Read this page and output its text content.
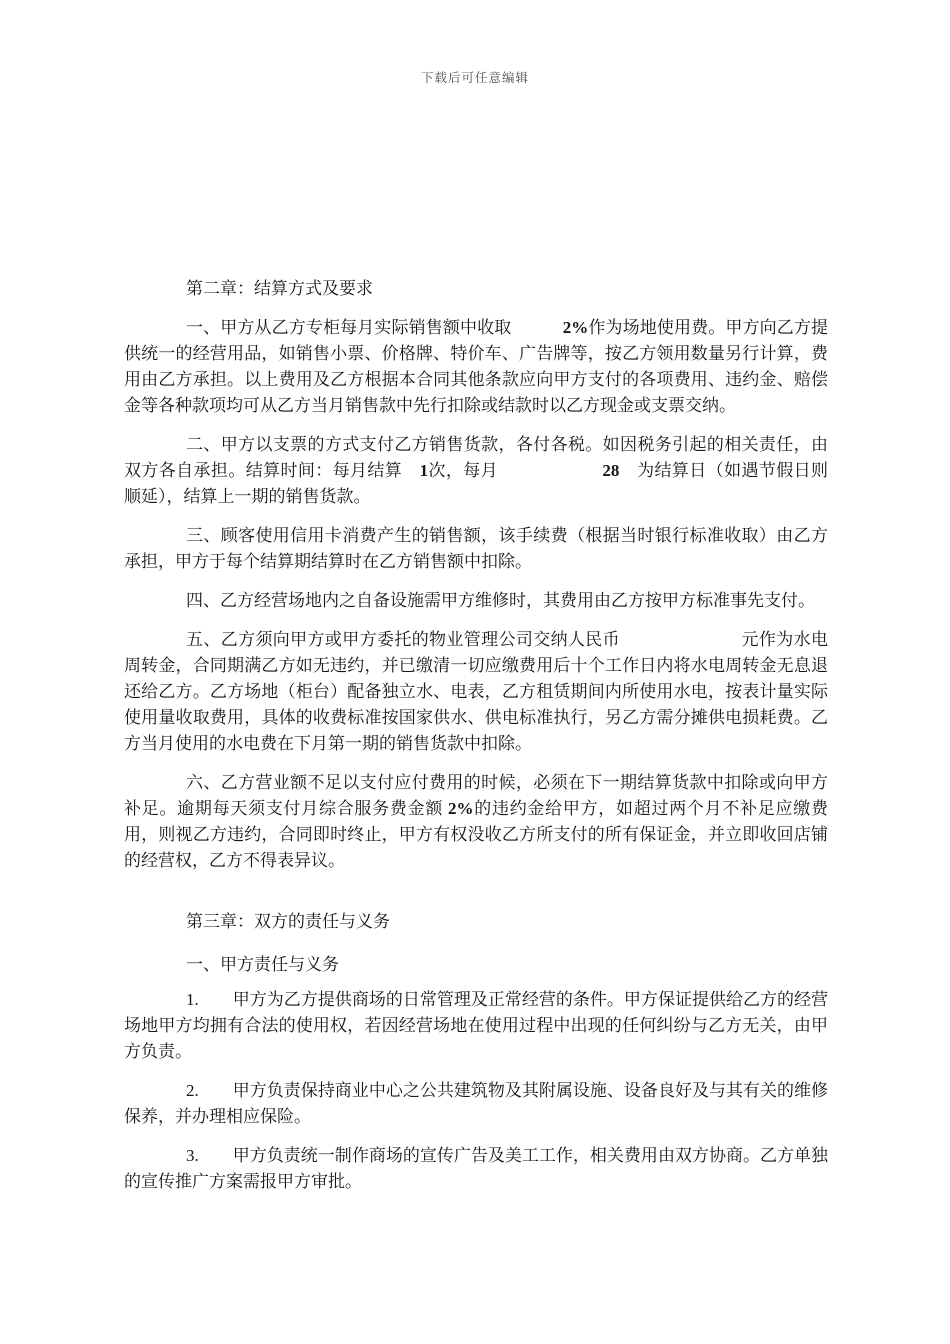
下载后可任意编辑

第二章：结算方式及要求

一、甲方从乙方专柜每月实际销售额中收取　　　2%作为场地使用费。甲方向乙方提供统一的经营用品，如销售小票、价格牌、特价车、广告牌等，按乙方领用数量另行计算，费用由乙方承担。以上费用及乙方根据本合同其他条款应向甲方支付的各项费用、违约金、赔偿金等各种款项均可从乙方当月销售款中先行扣除或结款时以乙方现金或支票交纳。

二、甲方以支票的方式支付乙方销售货款，各付各税。如因税务引起的相关责任，由双方各自承担。结算时间：每月结算　1次，每月　　　　　　28　为结算日（如遇节假日则顺延），结算上一期的销售货款。

三、顾客使用信用卡消费产生的销售额，该手续费（根据当时银行标准收取）由乙方承担，甲方于每个结算期结算时在乙方销售额中扣除。

四、乙方经营场地内之自备设施需甲方维修时，其费用由乙方按甲方标准事先支付。

五、乙方须向甲方或甲方委托的物业管理公司交纳人民币　　　　　　　元作为水电周转金，合同期满乙方如无违约，并已缴清一切应缴费用后十个工作日内将水电周转金无息退还给乙方。乙方场地（柜台）配备独立水、电表，乙方租赁期间内所使用水电，按表计量实际使用量收取费用，具体的收费标准按国家供水、供电标准执行，另乙方需分摊供电损耗费。乙方当月使用的水电费在下月第一期的销售货款中扣除。

六、乙方营业额不足以支付应付费用的时候，必须在下一期结算货款中扣除或向甲方补足。逾期每天须支付月综合服务费金额 2%的违约金给甲方，如超过两个月不补足应缴费用，则视乙方违约，合同即时终止，甲方有权没收乙方所支付的所有保证金，并立即收回店铺的经营权，乙方不得表异议。

第三章：双方的责任与义务

一、甲方责任与义务

1.　　甲方为乙方提供商场的日常管理及正常经营的条件。甲方保证提供给乙方的经营场地甲方均拥有合法的使用权，若因经营场地在使用过程中出现的任何纠纷与乙方无关，由甲方负责。

2.　　甲方负责保持商业中心之公共建筑物及其附属设施、设备良好及与其有关的维修保养，并办理相应保险。

3.　　甲方负责统一制作商场的宣传广告及美工工作，相关费用由双方协商。乙方单独的宣传推广方案需报甲方审批。
